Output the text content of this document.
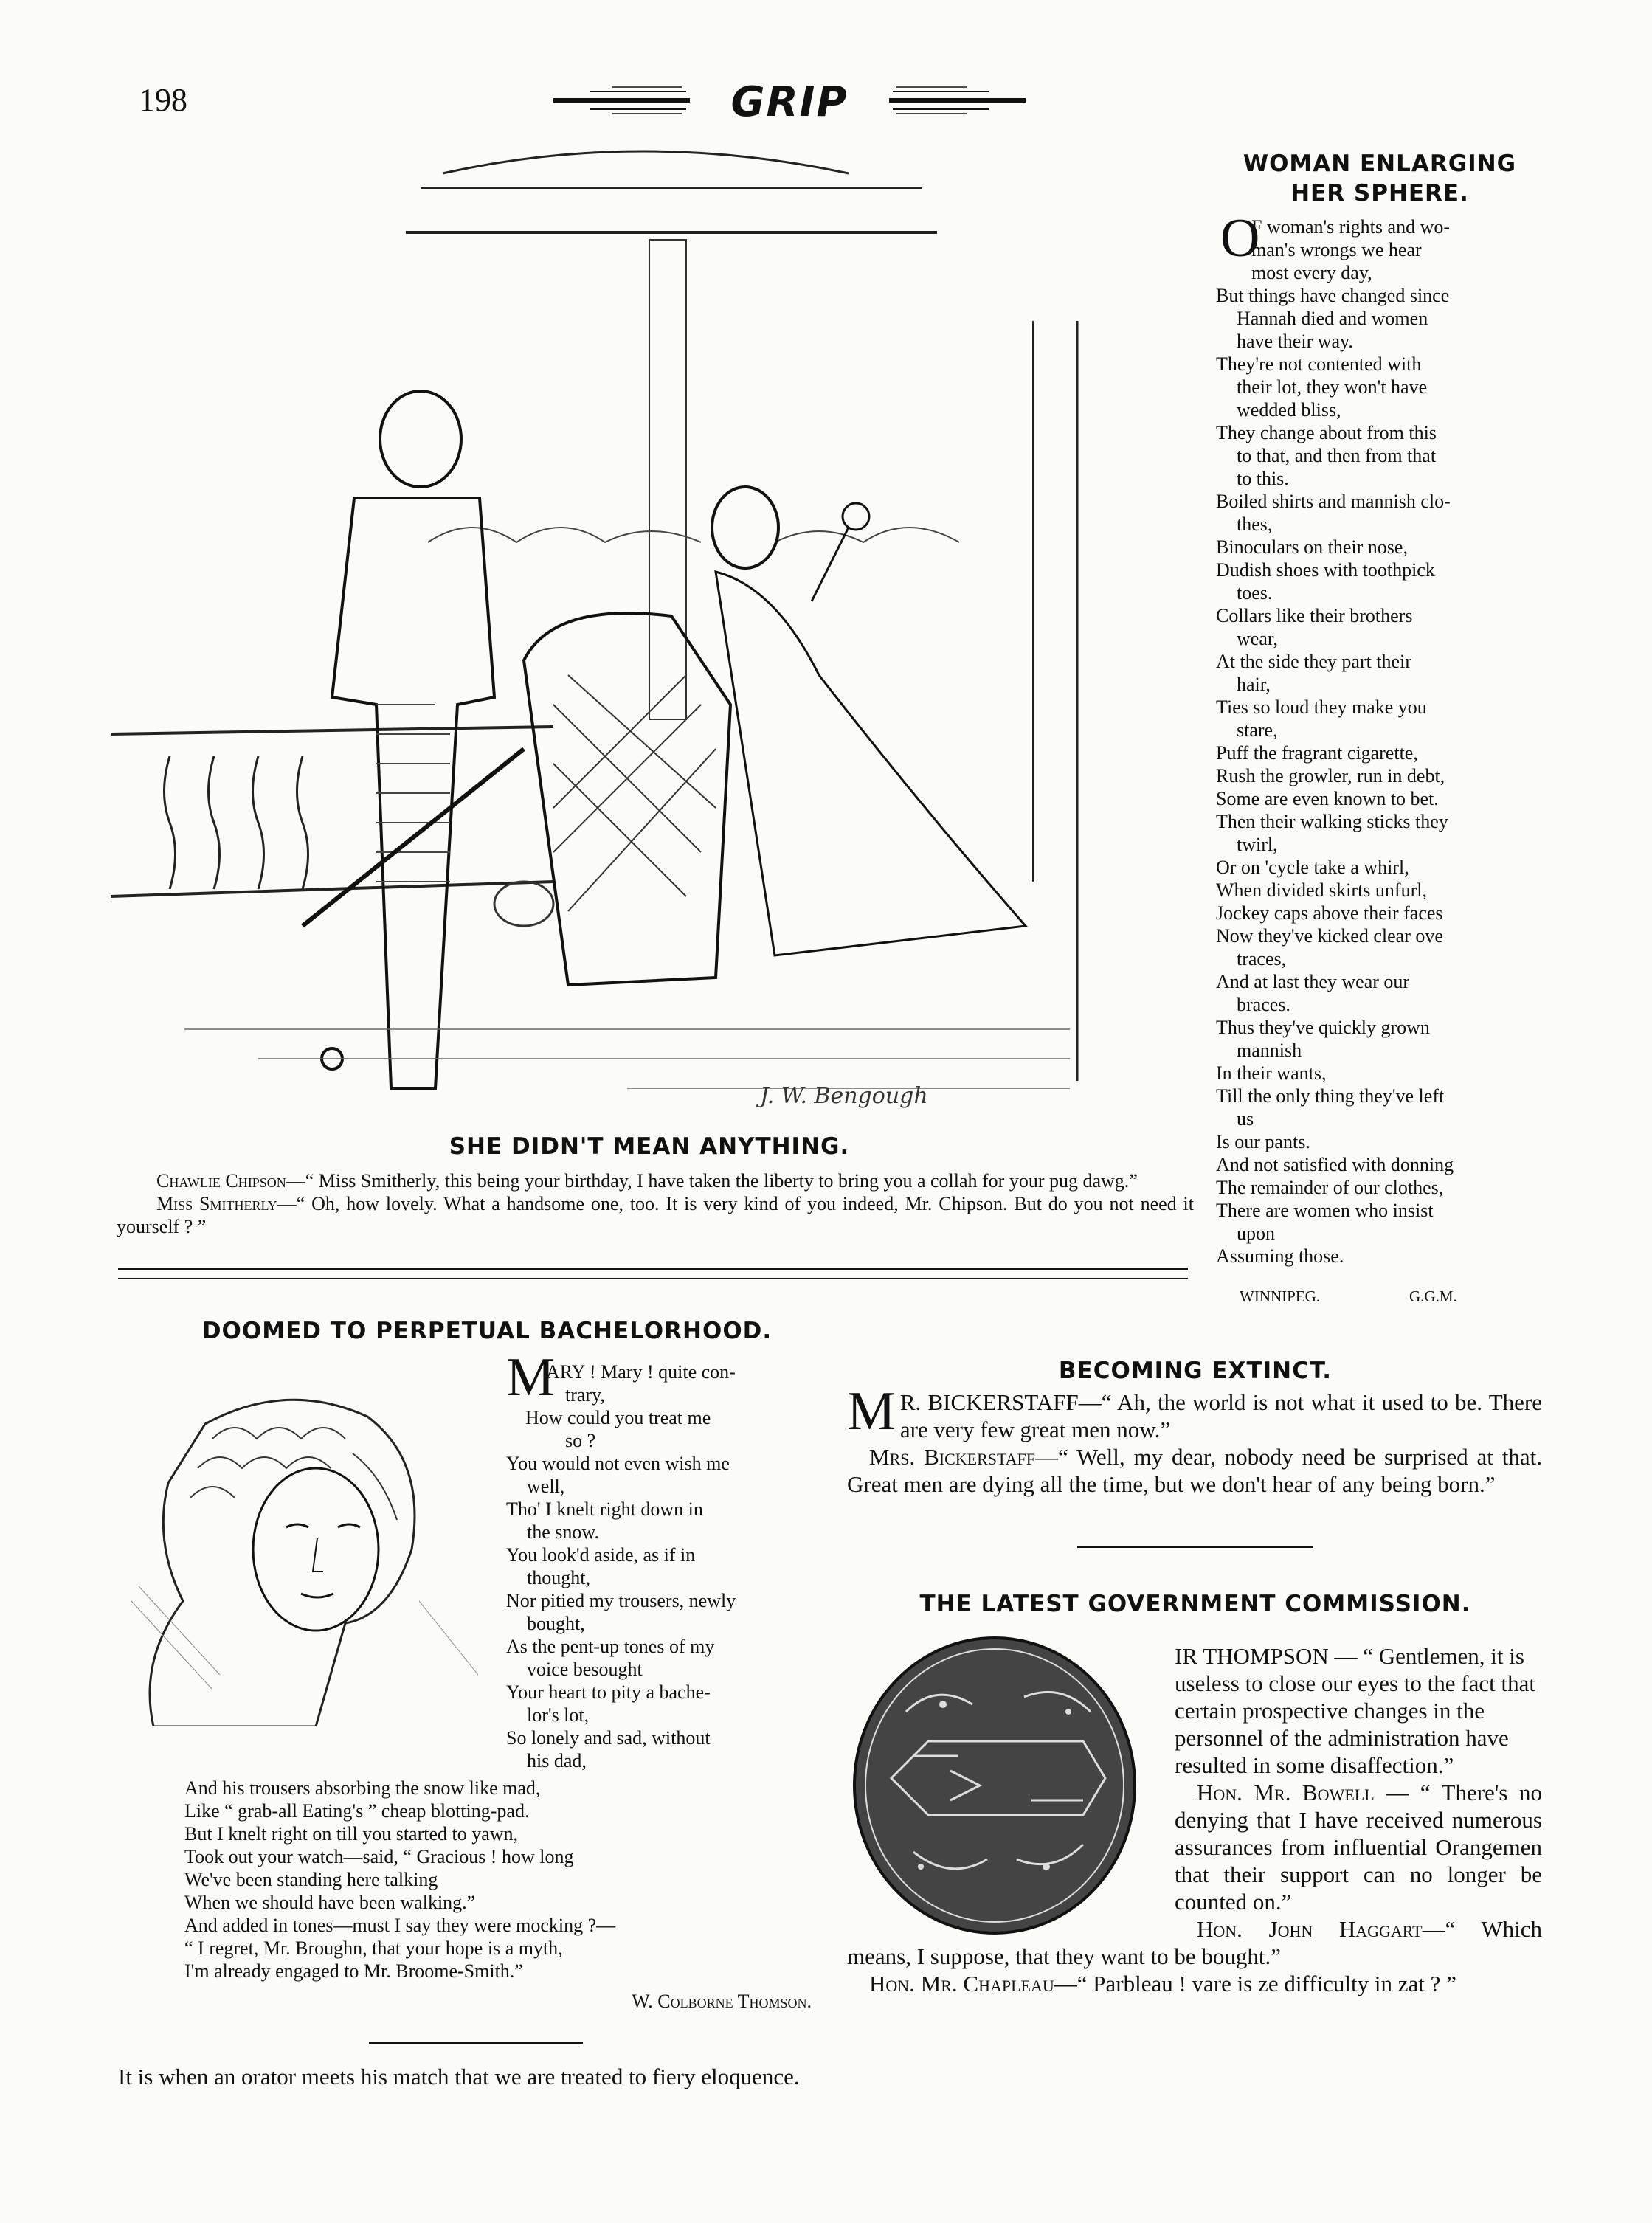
198	GRIP
J. W. Bengough
SHE DIDN'T MEAN ANYTHING.

Chawlie Chipson—“ Miss Smitherly, this being your birthday, I have taken the liberty to bring you a collah for your pug dawg.”

Miss Smitherly—“ Oh, how lovely. What a handsome one, too. It is very kind of you indeed, Mr. Chipson. But do you not need it yourself ? ”

WOMAN ENLARGING
HER SPHERE.
O
F woman's rights and wo-
man's wrongs we hear
most every day,
But things have changed since
Hannah died and women
have their way.
They're not contented with
their lot, they won't have
wedded bliss,
They change about from this
to that, and then from that
to this.
Boiled shirts and mannish clo-
thes,
Binoculars on their nose,
Dudish shoes with toothpick
toes.
Collars like their brothers
wear,
At the side they part their
hair,
Ties so loud they make you
stare,
Puff the fragrant cigarette,
Rush the growler, run in debt,
Some are even known to bet.
Then their walking sticks they
twirl,
Or on 'cycle take a whirl,
When divided skirts unfurl,
Jockey caps above their faces
Now they've kicked clear ove
traces,
And at last they wear our
braces.
Thus they've quickly grown
mannish
In their wants,
Till the only thing they've left
us
Is our pants.
And not satisfied with donning
The remainder of our clothes,
There are women who insist
upon
Assuming those.
WINNIPEG.	G.G.M.
DOOMED TO PERPETUAL BACHELORHOOD.
M
ARY ! Mary ! quite con-
trary,
How could you treat me
so ?
You would not even wish me
well,
Tho' I knelt right down in
the snow.
You look'd aside, as if in
thought,
Nor pitied my trousers, newly
bought,
As the pent-up tones of my
voice besought
Your heart to pity a bache-
lor's lot,
So lonely and sad, without
his dad,
And his trousers absorbing the snow like mad,
Like “ grab-all Eating's ” cheap blotting-pad.
But I knelt right on till you started to yawn,
Took out your watch—said, “ Gracious ! how long
We've been standing here talking
When we should have been walking.”
And added in tones—must I say they were mocking ?—
“ I regret, Mr. Broughn, that your hope is a myth,
I'm already engaged to Mr. Broome-Smith.”
W. Colborne Thomson.

It is when an orator meets his match that we are treated to fiery eloquence.

BECOMING EXTINCT.

M R. BICKERSTAFF—“ Ah, the world is not what it used to be. There are very few great men now.”

Mrs. Bickerstaff—“ Well, my dear, nobody need be surprised at that. Great men are dying all the time, but we don't hear of any being born.”

THE LATEST GOVERNMENT COMMISSION.

IR THOMPSON — “ Gentlemen, it is useless to close our eyes to the fact that certain prospective changes in the personnel of the administration have resulted in some disaffection.”

Hon. Mr. Bowell — “ There's no denying that I have received numerous assurances from influential Orangemen that their support can no longer be counted on.”

Hon. John Haggart—“ Which means, I suppose, that they want to be bought.”

Hon. Mr. Chapleau—“ Parbleau ! vare is ze difficulty in zat ? ”
